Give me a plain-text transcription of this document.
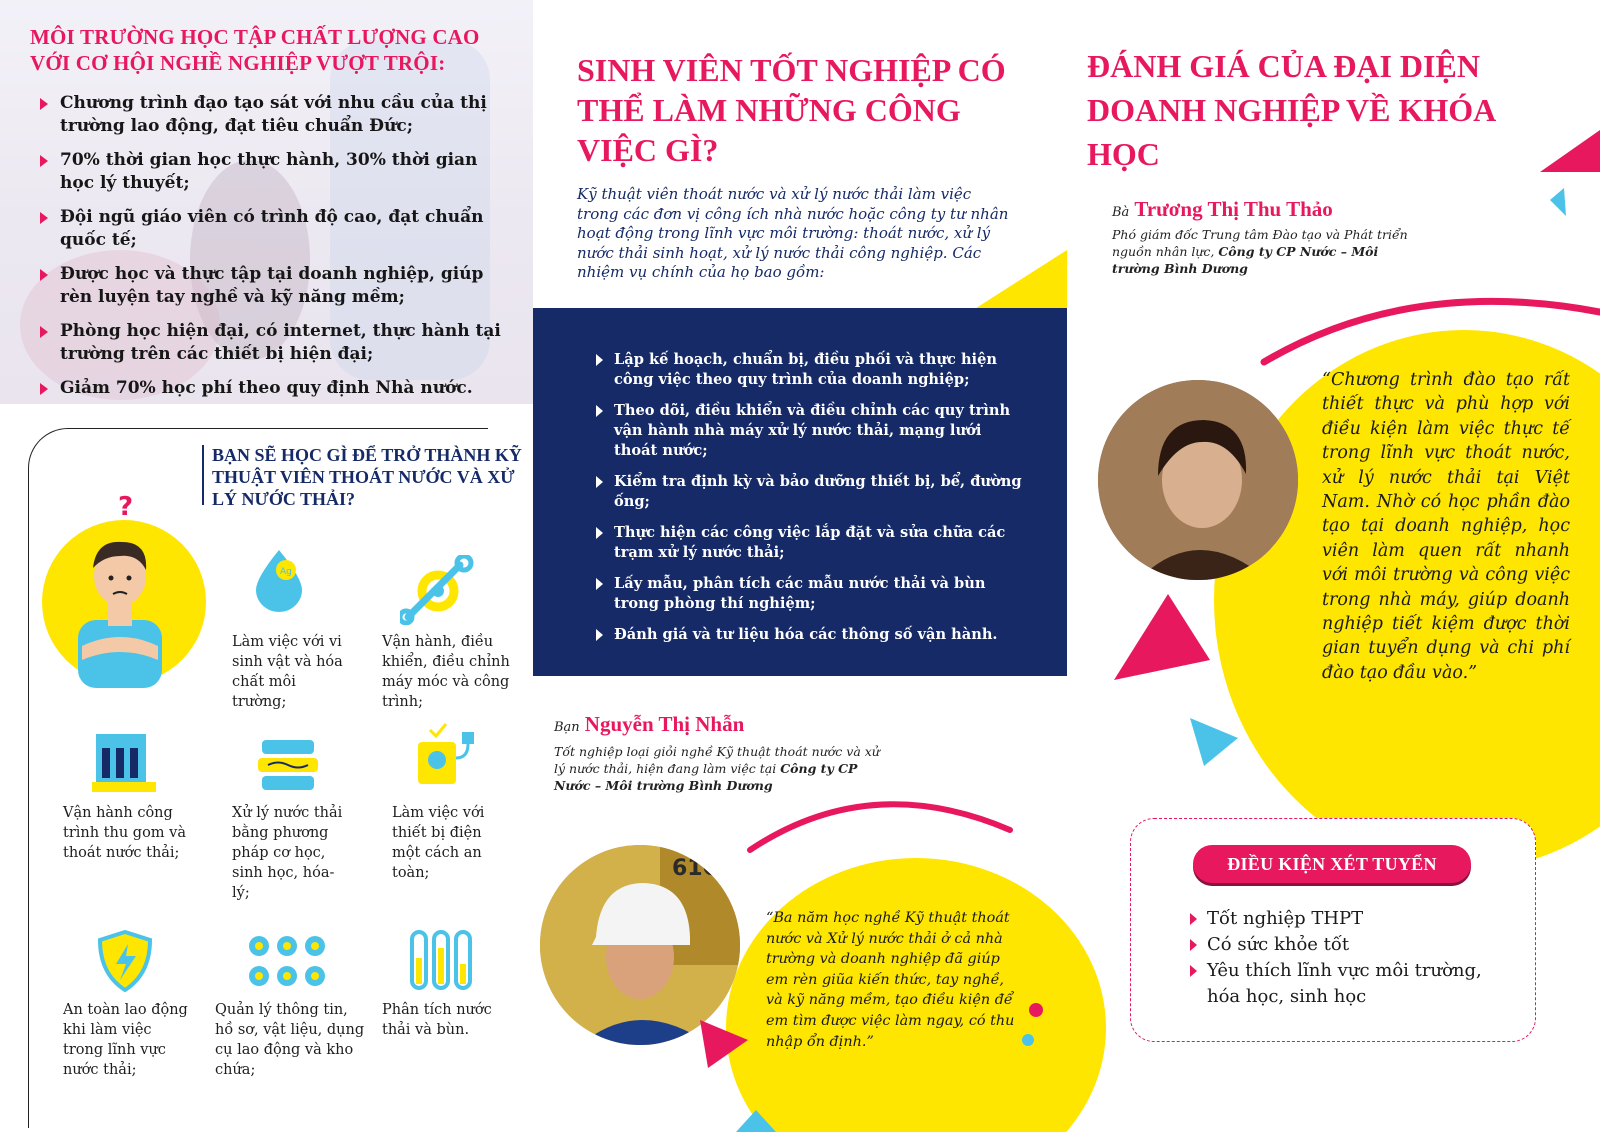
MÔI TRƯỜNG HỌC TẬP CHẤT LƯỢNG CAO VỚI CƠ HỘI NGHỀ NGHIỆP VƯỢT TRỘI:
Chương trình đạo tạo sát với nhu cầu của thị trường lao động, đạt tiêu chuẩn Đức;
70% thời gian học thực hành, 30% thời gian học lý thuyết;
Đội ngũ giáo viên có trình độ cao, đạt chuẩn quốc tế;
Được học và thực tập tại doanh nghiệp, giúp rèn luyện tay nghề và kỹ năng mềm;
Phòng học hiện đại, có internet, thực hành tại trường trên các thiết bị hiện đại;
Giảm 70% học phí theo quy định Nhà nước.
BẠN SẼ HỌC GÌ ĐỂ TRỞ THÀNH KỸ THUẬT VIÊN THOÁT NƯỚC VÀ XỬ LÝ NƯỚC THẢI?
?
Ag
Làm việc với vi sinh vật và hóa chất môi trường;
Vận hành, điều khiển, điều chỉnh máy móc và công trình;
Vận hành công trình thu gom và thoát nước thải;
Xử lý nước thải bằng phương pháp cơ học, sinh học, hóa-lý;
Làm việc với thiết bị điện một cách an toàn;
An toàn lao động khi làm việc trong lĩnh vực nước thải;
Quản lý thông tin, hồ sơ, vật liệu, dụng cụ lao động và kho chứa;
Phân tích nước thải và bùn.
SINH VIÊN TỐT NGHIỆP CÓ THỂ LÀM NHỮNG CÔNG VIỆC GÌ?
Kỹ thuật viên thoát nước và xử lý nước thải làm việc trong các đơn vị công ích nhà nước hoặc công ty tư nhân hoạt động trong lĩnh vực môi trường: thoát nước, xử lý nước thải sinh hoạt, xử lý nước thải công nghiệp. Các nhiệm vụ chính của họ bao gồm:
Lập kế hoạch, chuẩn bị, điều phối và thực hiện công việc theo quy trình của doanh nghiệp;
Theo dõi, điều khiển và điều chỉnh các quy trình vận hành nhà máy xử lý nước thải, mạng lưới thoát nước;
Kiểm tra định kỳ và bảo dưỡng thiết bị, bể, đường ống;
Thực hiện các công việc lắp đặt và sửa chữa các trạm xử lý nước thải;
Lấy mẫu, phân tích các mẫu nước thải và bùn trong phòng thí nghiệm;
Đánh giá và tư liệu hóa các thông số vận hành.
Bạn Nguyễn Thị Nhẫn
Tốt nghiệp loại giỏi nghề Kỹ thuật thoát nước và xử lý nước thải, hiện đang làm việc tại Công ty CP Nước – Môi trường Bình Dương
61C
“Ba năm học nghề Kỹ thuật thoát nước và Xử lý nước thải ở cả nhà trường và doanh nghiệp đã giúp em rèn giũa kiến thức, tay nghề, và kỹ năng mềm, tạo điều kiện để em tìm được việc làm ngay, có thu nhập ổn định.”
ĐÁNH GIÁ CỦA ĐẠI DIỆN DOANH NGHIỆP VỀ KHÓA HỌC
Bà Trương Thị Thu Thảo
Phó giám đốc Trung tâm Đào tạo và Phát triển nguồn nhân lực, Công ty CP Nước – Môi trường Bình Dương
“Chương trình đào tạo rất thiết thực và phù hợp với điều kiện làm việc thực tế trong lĩnh vực thoát nước, xử lý nước thải tại Việt Nam. Nhờ có học phần đào tạo tại doanh nghiệp, học viên làm quen rất nhanh với môi trường và công việc trong nhà máy, giúp doanh nghiệp tiết kiệm được thời gian tuyển dụng và chi phí đào tạo đầu vào.”
ĐIỀU KIỆN XÉT TUYỂN
Tốt nghiệp THPT
Có sức khỏe tốt
Yêu thích lĩnh vực môi trường, hóa học, sinh học
